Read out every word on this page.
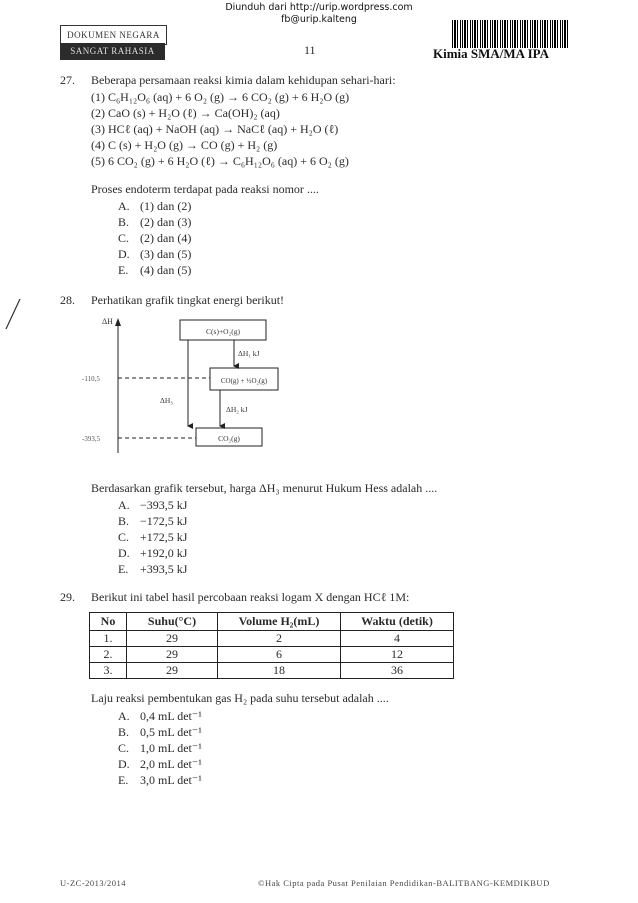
Diunduh dari http://urip.wordpress.com
fb@urip.kalteng
DOKUMEN NEGARA
SANGAT RAHASIA	11	Kimia SMA/MA IPA
27. Beberapa persamaan reaksi kimia dalam kehidupan sehari-hari:
(1) C₆H₁₂O₆ (aq) + 6 O₂ (g) → 6 CO₂ (g) + 6 H₂O (g)
(2) CaO (s) + H₂O (ℓ) → Ca(OH)₂ (aq)
(3) HCℓ (aq) + NaOH (aq) → NaCℓ (aq) + H₂O (ℓ)
(4) C (s) + H₂O (g) → CO (g) + H₂ (g)
(5) 6 CO₂ (g) + 6 H₂O (ℓ) → C₆H₁₂O₆ (aq) + 6 O₂ (g)
Proses endoterm terdapat pada reaksi nomor ....
A. (1) dan (2)
B. (2) dan (3)
C. (2) dan (4)
D. (3) dan (5)
E. (4) dan (5)
28. Perhatikan grafik tingkat energi berikut!
ΔH
C(s)+O₂(g)
CO(g) + ½O₂(g)
CO₂(g)
-110,5
-393,5
ΔH₁ kJ
ΔH₂ kJ
ΔH₃
Berdasarkan grafik tersebut, harga ΔH₃ menurut Hukum Hess adalah ....
A. −393,5 kJ
B. −172,5 kJ
C. +172,5 kJ
D. +192,0 kJ
E. +393,5 kJ
29. Berikut ini tabel hasil percobaan reaksi logam X dengan HCℓ 1M:
No	Suhu(°C)	Volume H₂(mL)	Waktu (detik)
1.	29	2	4
2.	29	6	12
3.	29	18	36
Laju reaksi pembentukan gas H₂ pada suhu tersebut adalah ....
A. 0,4 mL det⁻¹
B. 0,5 mL det⁻¹
C. 1,0 mL det⁻¹
D. 2,0 mL det⁻¹
E. 3,0 mL det⁻¹
U-ZC-2013/2014	©Hak Cipta pada Pusat Penilaian Pendidikan-BALITBANG-KEMDIKBUD
